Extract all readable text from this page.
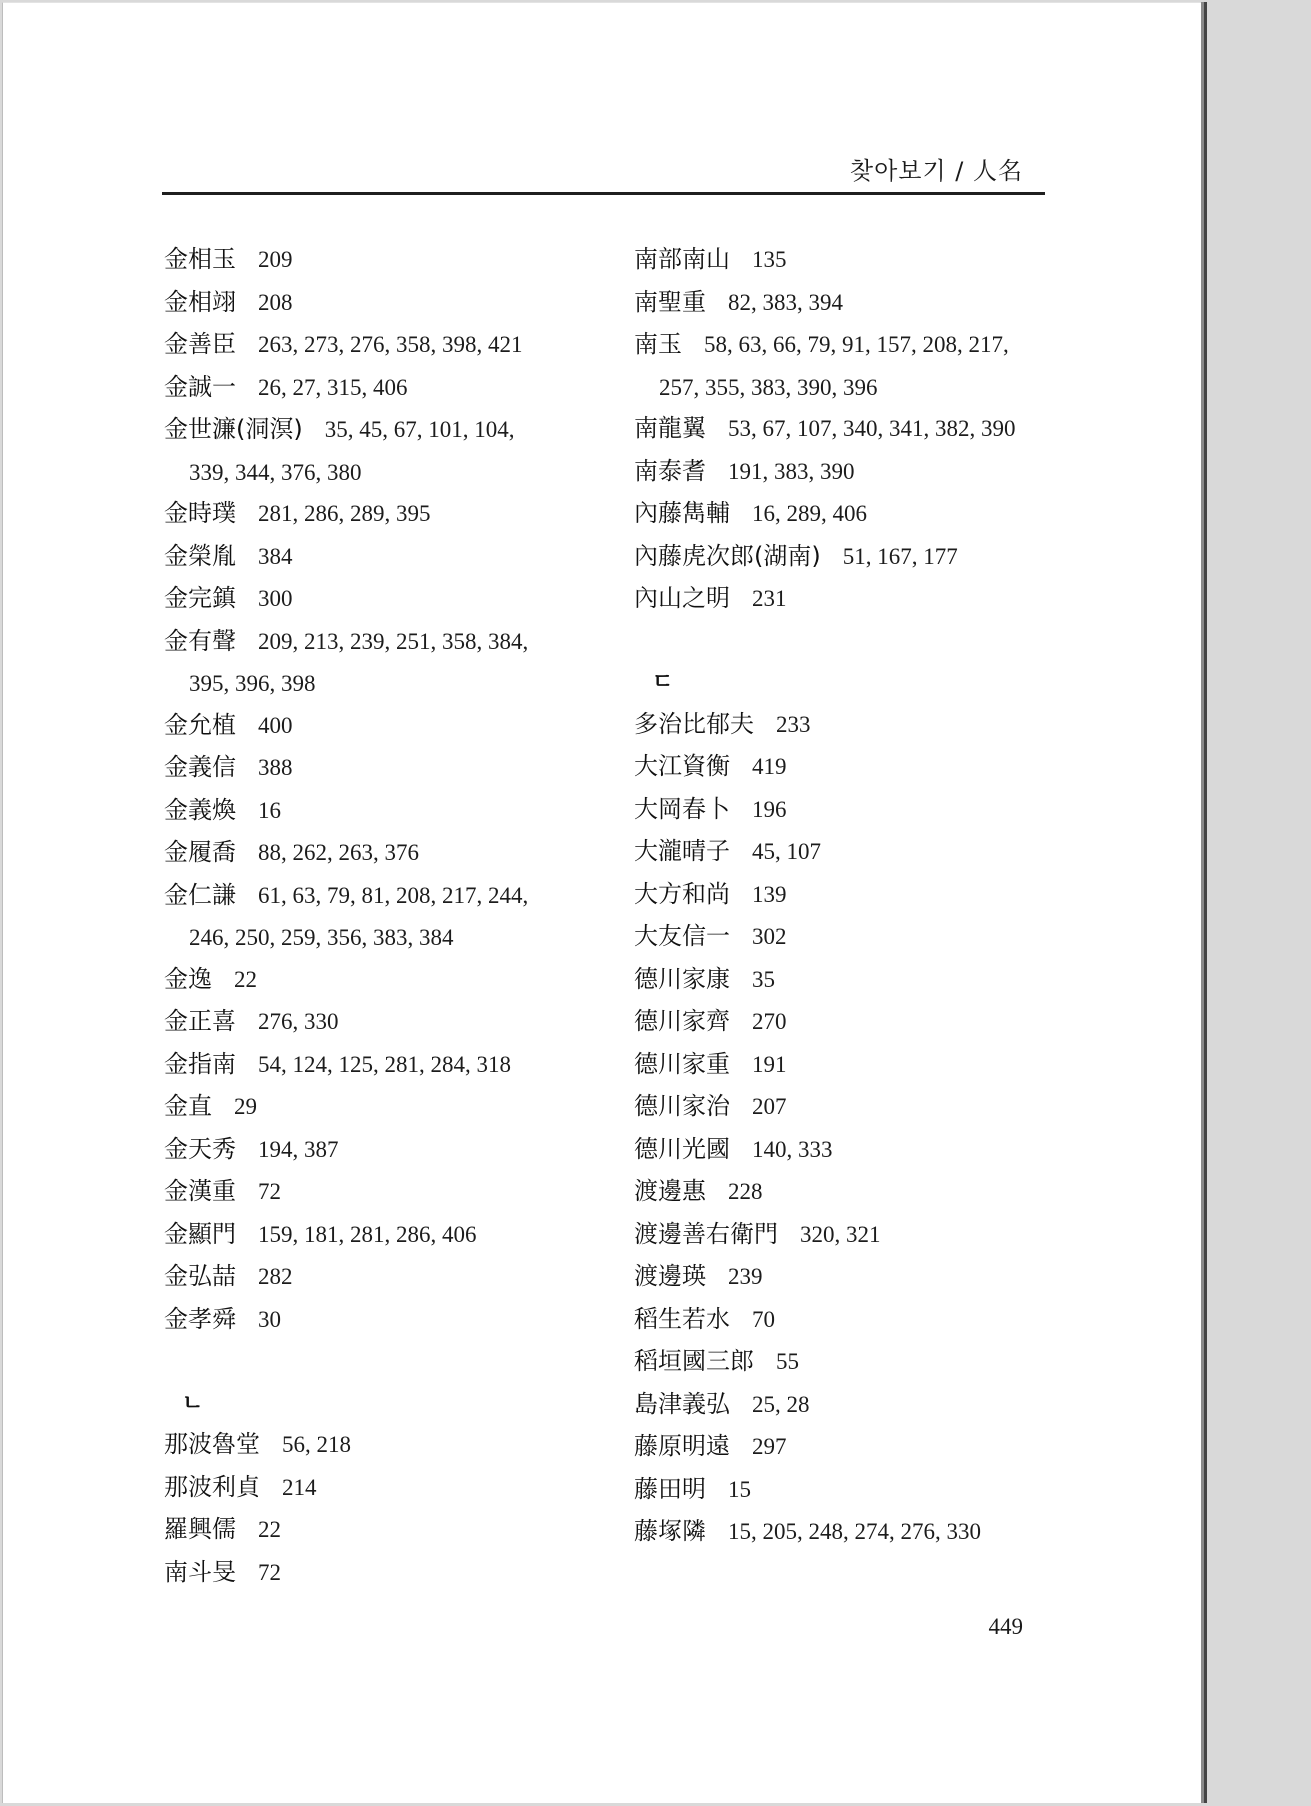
찾아보기 / 人名
金相玉 209
金相翊 208
金善臣 263, 273, 276, 358, 398, 421
金誠一 26, 27, 315, 406
金世濂(洞溟) 35, 45, 67, 101, 104,
339, 344, 376, 380
金時璞 281, 286, 289, 395
金榮胤 384
金完鎮 300
金有聲 209, 213, 239, 251, 358, 384,
395, 396, 398
金允植 400
金義信 388
金義煥 16
金履喬 88, 262, 263, 376
金仁謙 61, 63, 79, 81, 208, 217, 244,
246, 250, 259, 356, 383, 384
金逸 22
金正喜 276, 330
金指南 54, 124, 125, 281, 284, 318
金直 29
金天秀 194, 387
金漢重 72
金顯門 159, 181, 281, 286, 406
金弘喆 282
金孝舜 30
ㄴ
那波魯堂 56, 218
那波利貞 214
羅興儒 22
南斗旻 72
南部南山 135
南聖重 82, 383, 394
南玉 58, 63, 66, 79, 91, 157, 208, 217,
257, 355, 383, 390, 396
南龍翼 53, 67, 107, 340, 341, 382, 390
南泰耆 191, 383, 390
內藤雋輔 16, 289, 406
內藤虎次郎(湖南) 51, 167, 177
內山之明 231
ㄷ
多治比郁夫 233
大江資衡 419
大岡春卜 196
大瀧晴子 45, 107
大方和尚 139
大友信一 302
德川家康 35
德川家齊 270
德川家重 191
德川家治 207
德川光國 140, 333
渡邊惠 228
渡邊善右衛門 320, 321
渡邊瑛 239
稻生若水 70
稻垣國三郎 55
島津義弘 25, 28
藤原明遠 297
藤田明 15
藤塚隣 15, 205, 248, 274, 276, 330
449
